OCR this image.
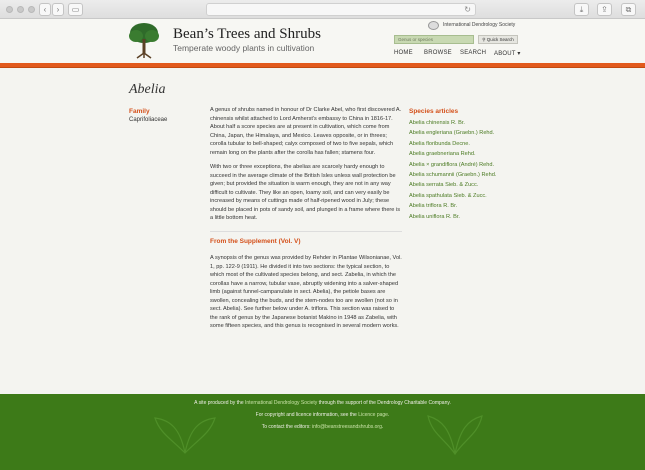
‹	›	▭	↻	⤓	⇪	⧉
Bean’s Trees and Shrubs
Temperate woody plants in cultivation
International Dendrology Society
Genus or species	⚲ Quick Search
HOME BROWSE SEARCH ABOUT ▾
Abelia
Family
Caprifoliaceae

A genus of shrubs named in honour of Dr Clarke Abel, who first discovered A. chinensis whilst attached to Lord Amherst’s embassy to China in 1816-17. About half a score species are at present in cultivation, which come from China, Japan, the Himalaya, and Mexico. Leaves opposite, or in threes; corolla tubular to bell-shaped; calyx composed of two to five sepals, which remain long on the plants after the corolla has fallen; stamens four.

With two or three exceptions, the abelias are scarcely hardy enough to succeed in the average climate of the British Isles unless wall protection be given; but provided the situation is warm enough, they are not in any way difficult to cultivate. They like an open, loamy soil, and can very easily be increased by means of cuttings made of half-ripened wood in July; these should be placed in pots of sandy soil, and plunged in a frame where there is a little bottom heat.

From the Supplement (Vol. V)

A synopsis of the genus was provided by Rehder in Plantae Wilsonianae, Vol. 1, pp. 122-9 (1911). He divided it into two sections: the typical section, to which most of the cultivated species belong, and sect. Zabelia, in which the corollas have a narrow, tubular vase, abruptly widening into a salver-shaped limb (against funnel-campanulate in sect. Abelia), the petiole bases are swollen, concealing the buds, and the stem-nodes too are swollen (not so in sect. Abelia). See further below under A. triflora. This section was raised to the rank of genus by the Japanese botanist Makino in 1948 as Zabelia, with some fifteen species, and this genus is recognised in several modern works.

Species articles
Abelia chinensis R. Br.
Abelia engleriana (Graebn.) Rehd.
Abelia floribunda Decne.
Abelia graebneriana Rehd.
Abelia × grandiflora (André) Rehd.
Abelia schumannii (Graebn.) Rehd.
Abelia serrata Sieb. & Zucc.
Abelia spathulata Sieb. & Zucc.
Abelia triflora R. Br.
Abelia uniflora R. Br.
A site produced by the International Dendrology Society through the support of the Dendrology Charitable Company.
For copyright and licence information, see the Licence page.
To contact the editors: info@beanstreesandshrubs.org.
